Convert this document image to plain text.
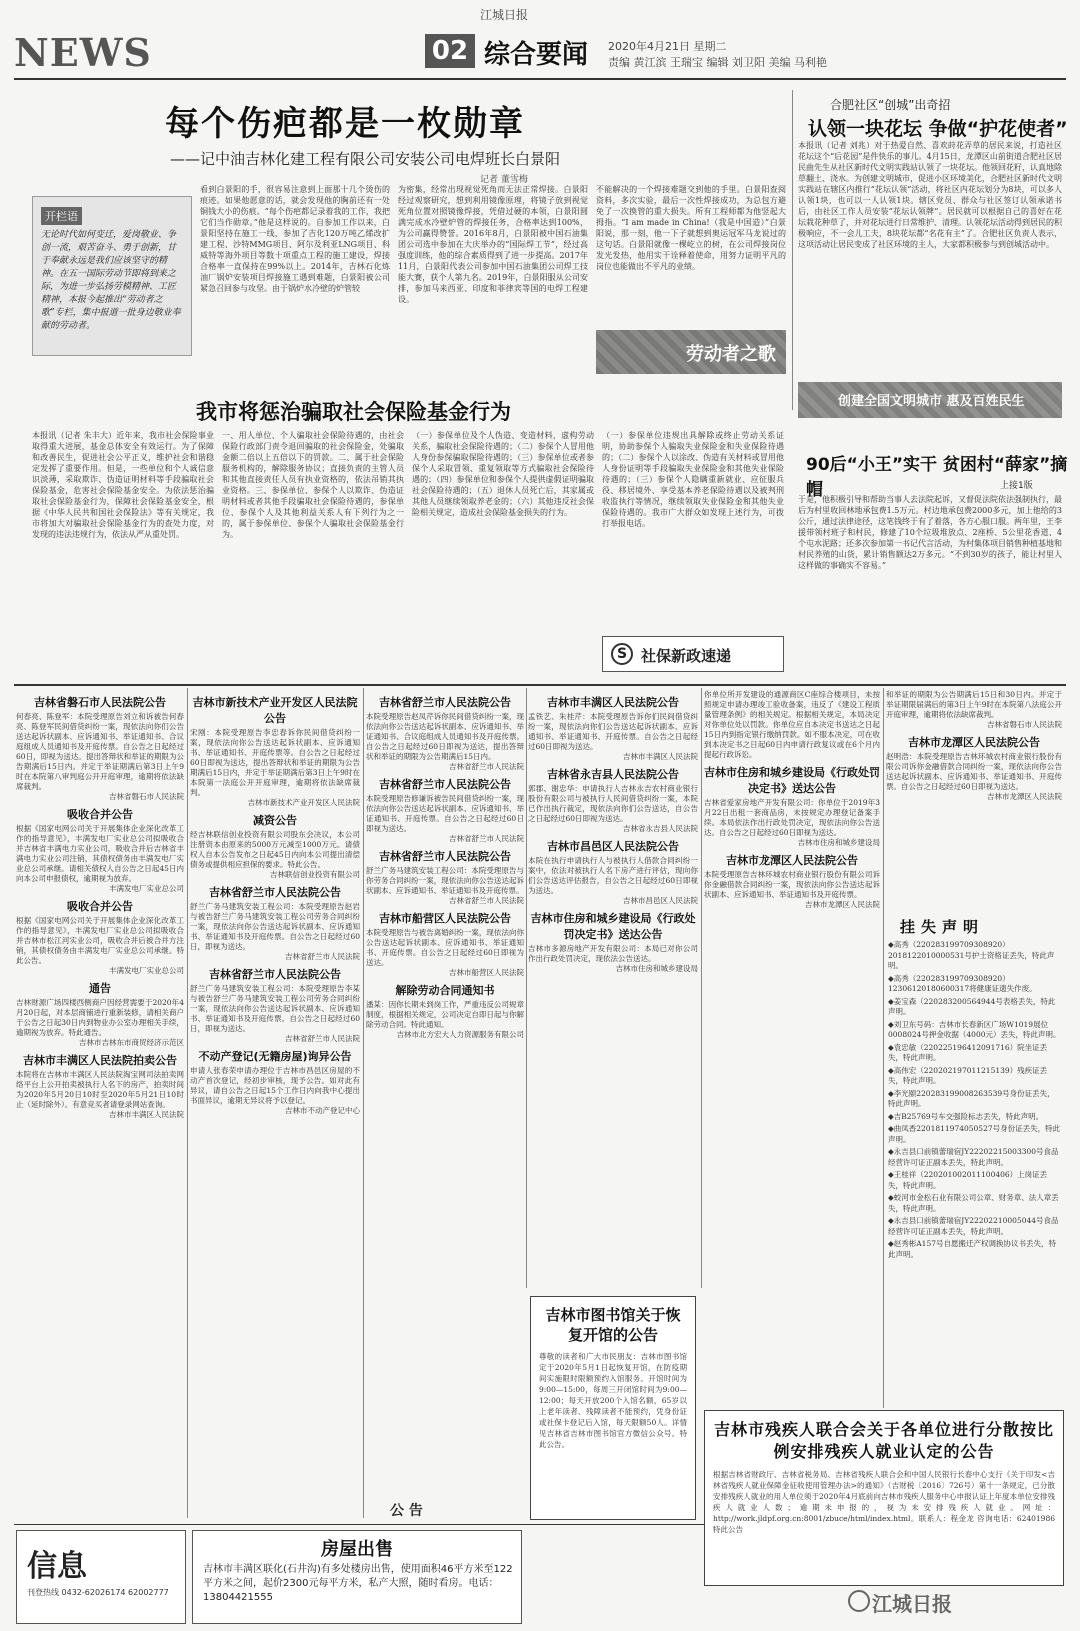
NEWS
江城日报
02 综合要闻 2020年4月21日 星期二
责编 黄江滨 王瑞宝 编辑 刘卫阳 美编 马利艳
每个伤疤都是一枚勋章
——记中油吉林化建工程有限公司安装公司电焊班长白景阳
记者 董雪梅
开栏语
无论时代如何变迁，爱岗敬业、争创一流，艰苦奋斗、勇于创新，甘于奉献永远是我们应该坚守的精神。在五一国际劳动节即将到来之际，为进一步弘扬劳模精神、工匠精神，本报今起推出“劳动者之歌”专栏，集中报道一批身边敬业奉献的劳动者。
看到白景阳的手，很容易注意到上面那十几个烫伤的痕迹。如果他愿意的话，就会发现他的胸前还有一处铜钱大小的伤痕。“每个伤疤都记录着我的工作，我把它们当作勋章。”他是这样说的。自参加工作以来，白景阳坚持在施工一线，参加了吉化120万吨乙烯改扩建工程、沙特MMG项目、阿尔及利亚LNG项目、科威特等海外项目等数十项重点工程的施工建设，焊接合格率一直保持在99%以上。2014年，吉林石化炼油厂锅炉安装项目焊接施工遇到难题，白景阳被公司紧急召回参与攻坚。由于锅炉水冷壁的炉管较
为密集，经常出现视觉死角而无法正常焊接。白景阳经过观察研究，想到利用镜像原理，将镜子放到视觉死角位置对照镜像焊接，凭借过硬的本领，白景阳圆满完成水冷壁炉管的焊接任务，合格率达到100%，为公司赢得赞誉。2016年8月，白景阳被中国石油集团公司选中参加在大庆举办的“国际焊工节”，经过高强度训练，他的综合素质得到了进一步提高。2017年11月，白景阳代表公司参加中国石油集团公司焊工技能大赛，获个人第九名。2019年，白景阳服从公司安排，参加马来西亚、印度和菲律宾等国的电焊工程建设。
不能解决的一个焊接难题交到他的手里。白景阳查阅资料，多次实验，最后一次性焊接成功，为总包方避免了一次换管的重大损失。所有工程师都为他竖起大拇指。“I am made in China!（我是中国造）”白景阳说，那一刻，他一下子就想到奥运冠军马龙说过的这句话。白景阳就像一棵屹立的树，在公司焊接岗位发光发热，他用实干诠释着使命，用努力证明平凡的岗位也能做出不平凡的业绩。
劳动者之歌
合肥社区“创城”出奇招
认领一块花坛 争做“护花使者”
本报讯（记者 刘兆）对于热爱自然、喜欢莳花弄草的居民来说，打造社区花坛这个“后花园”是件快乐的事儿。4月15日，龙潭区山前街道合肥社区居民曲先生从社区新时代文明实践站认领了一块花坛。他领回花籽，认真地除草翻土、浇水。为创建文明城市，促进小区环境美化，合肥社区新时代文明实践站在辖区内推行“花坛认领”活动，将社区内花坛划分为8块，可以多人认领1块，也可以一人认领1块。辖区党员、群众与社区签订认领承诺书后，由社区工作人员安装“花坛认领牌”。居民就可以根据自己的喜好在花坛栽花种草了，并对花坛进行日常维护、清理。认领花坛活动得到居民的积极响应，不一会儿工夫，8块花坛都“名花有主”了。合肥社区负责人表示，这项活动让居民变成了社区环境的主人，大家都积极参与到创城活动中。
创建全国文明城市 惠及百姓民生
90后“小王”实干 贫困村“薛家”摘帽	上接1版
于是，他积极引导和帮助当事人去法院起诉，又督促法院依法强制执行，最后为村里收回林地承包费1.5万元。村边地承包费2000多元，加上他给的3公斤，通过法律途径，这笔钱终于有了着落，各方心服口服。两年里，王李援带领村班子和村民，修建了10个垃圾堆放点、2座桥、5公里花香道、4个屯水泥路；还多次参加第一书记代言活动，为村集体项目销售种植基地和村民养殖的山货，累计销售额达2万多元。“不到30岁的孩子，能让村里人这样做的事确实不容易。”
我市将惩治骗取社会保险基金行为
本报讯（记者 朱丰大）近年来，我市社会保险事业取得重大进展，基金总体安全有效运行。为了保障和改善民生，促进社会公平正义，维护社会和谐稳定发挥了重要作用。但是，一些单位和个人诚信意识淡薄，采取欺诈、伪造证明材料等手段骗取社会保险基金，危害社会保险基金安全。为依法惩治骗取社会保险基金行为，保障社会保险基金安全，根据《中华人民共和国社会保险法》等有关规定，我市将加大对骗取社会保险基金行为的查处力度，对发现的违法违规行为，依法从严从重处罚。
一、用人单位、个人骗取社会保险待遇的，由社会保险行政部门责令退回骗取的社会保险金，处骗取金额二倍以上五倍以下的罚款。二、属于社会保险服务机构的，解除服务协议；直接负责的主管人员和其他直接责任人员有执业资格的，依法吊销其执业资格。三、参保单位、参保个人以欺诈、伪造证明材料或者其他手段骗取社会保险待遇的，参保单位、参保个人及其他利益关系人有下列行为之一的，属于参保单位、参保个人骗取社会保险基金行为。
（一）参保单位及个人伪造、变造材料，虚构劳动关系，骗取社会保险待遇的；（二）参保个人冒用他人身份参保骗取保险待遇的；（三）参保单位或者参保个人采取冒领、重复领取等方式骗取社会保险待遇的；（四）参保单位和参保个人提供虚假证明骗取社会保险待遇的；（五）退休人员死亡后，其家属或其他人员继续领取养老金的；（六）其他违反社会保险相关规定，造成社会保险基金损失的行为。
（一）参保单位违规出具解除或终止劳动关系证明，协助参保个人骗取失业保险金和失业保险待遇的；（二）参保个人以涂改、伪造有关材料或冒用他人身份证明等手段骗取失业保险金和其他失业保险待遇的；（三）参保个人隐瞒重新就业、应征服兵役、移居境外、享受基本养老保险待遇以及被判刑收监执行等情况，继续领取失业保险金和其他失业保险待遇的。我市广大群众如发现上述行为，可拨打举报电话。
S 社保新政速递
吉林省磐石市人民法院公告
何春亮、陈登军：本院受理原告刘立和诉被告何春亮、陈登军民间借贷纠纷一案，现依法向你们公告送达起诉状副本、应诉通知书、举证通知书、合议庭组成人员通知书及开庭传票。自公告之日起经过60日，即视为送达。提出答辩状和举证的期限为公告期满后15日内。并定于举证期满后第3日上午9时在本院第八审判庭公开开庭审理，逾期将依法缺席裁判。
吉林省磐石市人民法院
吸收合并公告
根据《国家电网公司关于开展集体企业深化改革工作的指导意见》，丰满发电厂实业总公司拟吸收合并吉林省丰满电力实业公司，吸收合并后吉林省丰满电力实业公司注销，其债权债务由丰满发电厂实业总公司承继。请相关债权人自公告之日起45日内向本公司申报债权，逾期视为放弃。
丰满发电厂实业总公司
吸收合并公告
根据《国家电网公司关于开展集体企业深化改革工作的指导意见》，丰满发电厂实业总公司拟吸收合并吉林市松江河实业公司，吸收合并后被合并方注销，其债权债务由丰满发电厂实业总公司承继。特此公告。
丰满发电厂实业总公司
通告
吉林财源广场四楼西侧商户因经营需要于2020年4月20日起，对本层商铺进行重新装修，请相关商户于公告之日起30日内到物业办公室办理相关手续，逾期视为放弃。特此通告。
吉林市吉林东市商贸经济示范区
吉林市丰满区人民法院拍卖公告
本院将在吉林市丰满区人民法院淘宝网司法拍卖网络平台上公开拍卖被执行人名下的房产，拍卖时间为2020年5月20日10时至2020年5月21日10时止（延时除外）。有意竞买者请登录网站查询。
吉林市丰满区人民法院
吉林市新技术产业开发区人民法院公告
宋刚：本院受理原告李忠春诉你民间借贷纠纷一案，现依法向你公告送达起诉状副本、应诉通知书、举证通知书、开庭传票等。自公告之日起经过60日即视为送达，提出答辩状和举证的期限为公告期满后15日内，并定于举证期满后第3日上午9时在本院第一法庭公开开庭审理，逾期将依法缺席裁判。
吉林市新技术产业开发区人民法院
减资公告
经吉林联信创业投资有限公司股东会决议，本公司注册资本由原来的5000万元减至1000万元。请债权人自本公告发布之日起45日内向本公司提出清偿债务或提供相应担保的要求。特此公告。
吉林联信创业投资有限公司
吉林省舒兰市人民法院公告
舒兰广务马建筑安装工程公司：本院受理原告赵岩与被告舒兰广务马建筑安装工程公司劳务合同纠纷一案，现依法向你公告送达起诉状副本、应诉通知书、举证通知书及开庭传票。自公告之日起经过60日，即视为送达。
吉林省舒兰市人民法院
吉林省舒兰市人民法院公告
舒兰广务马建筑安装工程公司：本院受理原告李某与被告舒兰广务马建筑安装工程公司劳务合同纠纷一案，现依法向你公告送达起诉状副本、应诉通知书、举证通知书及开庭传票。自公告之日起经过60日，即视为送达。
吉林省舒兰市人民法院
不动产登记(无籍房屋)询异公告
申请人张春荣申请办理位于吉林市昌邑区房屋的不动产首次登记，经初步审核，现予公告。如对此有异议，请自公告之日起15个工作日内向我中心提出书面异议，逾期无异议将予以登记。
吉林市不动产登记中心
吉林省舒兰市人民法院公告
本院受理原告赵凤芹诉你民间借贷纠纷一案，现依法向你公告送达起诉状副本、应诉通知书、举证通知书、合议庭组成人员通知书及开庭传票。自公告之日起经过60日即视为送达，提出答辩状和举证的期限为公告期满后15日内。
吉林省舒兰市人民法院
吉林省舒兰市人民法院公告
本院受理原告修谦诉被告民间借贷纠纷一案，现依法向你公告送达起诉状副本、应诉通知书、举证通知书、开庭传票。自公告之日起经过60日即视为送达。
吉林省舒兰市人民法院
吉林省舒兰市人民法院公告
舒兰广务马建筑安装工程公司：本院受理原告与你劳务合同纠纷一案，现依法向你公告送达起诉状副本、应诉通知书、举证通知书及开庭传票。
吉林省舒兰市人民法院
吉林市船营区人民法院公告
本院受理原告与被告离婚纠纷一案，现依法向你公告送达起诉状副本、应诉通知书、举证通知书、开庭传票。自公告之日起经过60日即视为送达。
吉林市船营区人民法院
解除劳动合同通知书
潘某：因你长期未到岗工作，严重违反公司规章制度，根据相关规定，公司决定自即日起与你解除劳动合同。特此通知。
吉林市北方宏大人力资源服务有限公司
吉林市丰满区人民法院公告
孟铁艺、朱桂芹：本院受理原告诉你们民间借贷纠纷一案，现依法向你们公告送达起诉状副本、应诉通知书、举证通知书、开庭传票。自公告之日起经过60日即视为送达。
吉林市丰满区人民法院
吉林省永吉县人民法院公告
郭郡、谢忠华：申请执行人吉林永吉农村商业银行股份有限公司与被执行人民间借贷纠纷一案，本院已作出执行裁定，现依法向你们公告送达，自公告之日起经过60日即视为送达。
吉林省永吉县人民法院
吉林市昌邑区人民法院公告
本院在执行申请执行人与被执行人借款合同纠纷一案中，依法对被执行人名下房产进行评估，现向你们公告送达评估报告，自公告之日起经过60日即视为送达。
吉林市昌邑区人民法院
吉林市住房和城乡建设局《行政处罚决定书》送达公告
吉林市多源房地产开发有限公司：本局已对你公司作出行政处罚决定，现依法公告送达。
吉林市住房和城乡建设局
你单位所开发建设的通源商区C座综合楼项目，未按照规定申请办理竣工验收备案，违反了《建设工程质量管理条例》的相关规定。根据相关规定，本局决定对你单位处以罚款。你单位应自本决定书送达之日起15日内到指定银行缴纳罚款。如不服本决定，可在收到本决定书之日起60日内申请行政复议或在6个月内提起行政诉讼。
吉林市住房和城乡建设局《行政处罚决定书》送达公告
吉林省爱家房地产开发有限公司：你单位于2019年3月22日出租一套商品房，未按规定办理登记备案手续。本局依法作出行政处罚决定，现依法向你公告送达。自公告之日起经过60日即视为送达。
吉林市住房和城乡建设局
吉林市龙潭区人民法院公告
本院受理原告吉林环城农村商业银行股份有限公司诉你金融借款合同纠纷一案，现依法向你公告送达起诉状副本、应诉通知书、举证通知书及开庭传票。
吉林市龙潭区人民法院
和举证的期限为公告期满后15日和30日内。并定于举证期限届满后的第3日上午9时在本院第八法庭公开开庭审理，逾期将依法缺席裁判。
吉林省磐石市人民法院
吉林市龙潭区人民法院公告
赵明浩：本院受理原告吉林环城农村商业银行股份有限公司诉你金融借款合同纠纷一案，现依法向你公告送达起诉状副本、应诉通知书、举证通知书、开庭传票。自公告之日起经过60日即视为送达。
吉林市龙潭区人民法院
挂失声明
◆高秀（220283199709308920）2018122010000531号护士资格证丢失，特此声明。
◆高秀（220283199709308920）12306120180600317将健康证遗失作废。
◆姜宝森（220283200564944号表格丢失，特此声明。
◆刘卫东号码：吉林市长春新区广场W1019展位0008024号押金收据（4000元）丢失，特此声明。
◆袁忠敏（220225196412091716）院坐证丢失，特此声明。
◆高伟宏（220202197011215139）残疾证丢失，特此声明。
◆李光颐220283199008263539号身份证丢失，特此声明。
◆吉B25769号车交强险标志丢失，特此声明。
◆曲凤香2201811974050527号身份证丢失，特此声明。
◆永吉县口前镇蕾瑞宿JY22202215003300号食品经营许可证正副本丢失，特此声明。
◆王桂祥（220201002011100406）上岗证丢失，特此声明。
◆蛟河市金松石业有限公司公章、财务章、法人章丢失，特此声明。
◆永吉县口前镇蕾瑞宿JY22202210005044号食品经营许可证正副本丢失，特此声明。
◆赵秀彬A157号自愿搬迁产权调换协议书丢失，特此声明。
吉林市图书馆关于恢复开馆的公告
尊敬的读者和广大市民朋友：吉林市图书馆定于2020年5月1日起恢复开馆，在防疫期间实施限时限额预约入馆服务。开馆时间为9:00—15:00，每周三开闭馆时间为9:00—12:00；每天开放200个入馆名额，65岁以上老年读者、残障读者不能预约，凭身份证或社保卡登记后入馆，每天限额50人。详情见吉林省吉林市图书馆官方微信公众号。特此公告。
吉林市残疾人联合会关于各单位进行分散按比例安排残疾人就业认定的公告
根据吉林省财政厅、吉林省税务局、吉林省残疾人联合会和中国人民银行长春中心支行《关于印发<吉林省残疾人就业保障金征收使用管理办法>的通知》（吉财税〔2016〕726号）第十一条规定，已分散安排残疾人就业的用人单位须于2020年4月底前向吉林市残疾人服务中心申报认证上年度本单位安排残疾人就业人数；逾期未申报的，视为未安排残疾人就业。网址：http://work.jldpf.org.cn:8001/zbuce/html/index.html。联系人：程金龙 咨询电话：62401986 特此公告
信息
刊登热线 0432-62026174 62002777
公 告
房屋出售
吉林市丰满区联化(石井沟)有多处楼房出售，使用面积46平方米至122平方米之间，起价2300元每平方米，私产大照，随时看房。电话：13804421555	江城日报
